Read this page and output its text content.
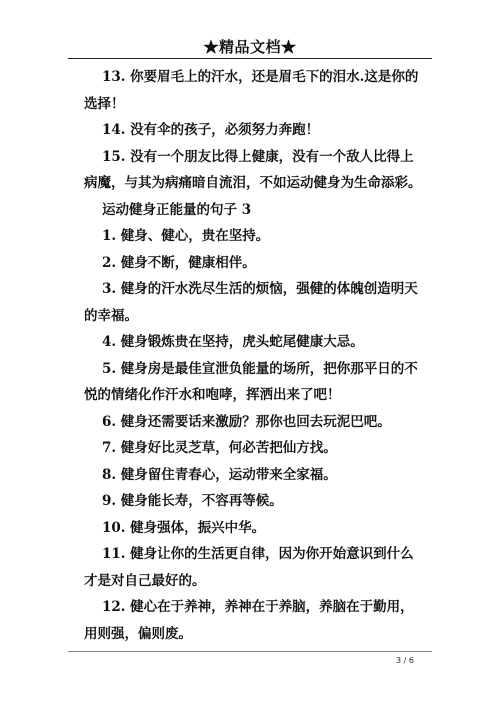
★精品文档★

13. 你要眉毛上的汗水，还是眉毛下的泪水.这是你的
选择！

14. 没有伞的孩子，必须努力奔跑！

15. 没有一个朋友比得上健康，没有一个敌人比得上
病魔，与其为病痛暗自流泪，不如运动健身为生命添彩。

运动健身正能量的句子 3

1. 健身、健心，贵在坚持。

2. 健身不断，健康相伴。

3. 健身的汗水洗尽生活的烦恼，强健的体魄创造明天
的幸福。

4. 健身锻炼贵在坚持，虎头蛇尾健康大忌。

5. 健身房是最佳宣泄负能量的场所，把你那平日的不
悦的情绪化作汗水和咆哮，挥洒出来了吧！

6. 健身还需要话来激励？那你也回去玩泥巴吧。

7. 健身好比灵芝草，何必苦把仙方找。

8. 健身留住青春心，运动带来全家福。

9. 健身能长寿，不容再等候。

10. 健身强体，振兴中华。

11. 健身让你的生活更自律，因为你开始意识到什么
才是对自己最好的。

12. 健心在于养神，养神在于养脑，养脑在于勤用，
用则强，偏则废。

3 / 6
